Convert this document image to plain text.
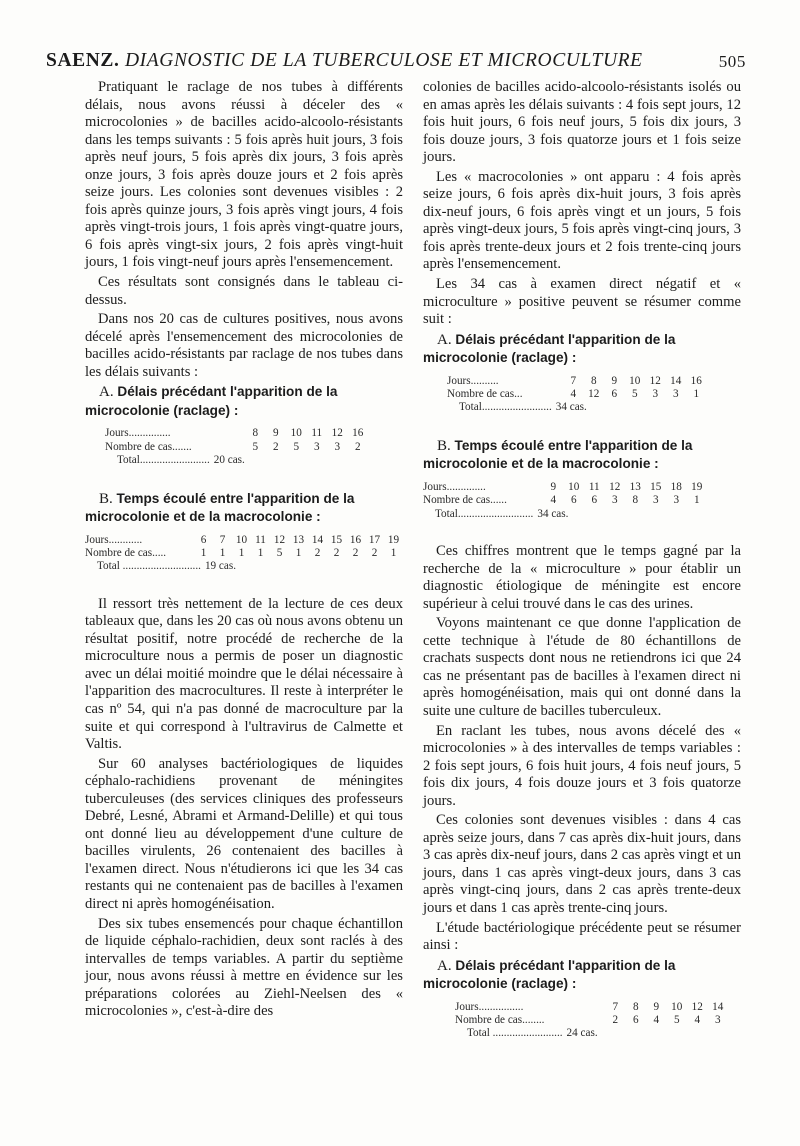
SAENZ. DIAGNOSTIC DE LA TUBERCULOSE ET MICROCULTURE	505

Pratiquant le raclage de nos tubes à différents délais, nous avons réussi à déceler des « microcolonies » de bacilles acido-alcoolo-résistants dans les temps suivants : 5 fois après huit jours, 3 fois après neuf jours, 5 fois après dix jours, 3 fois après onze jours, 3 fois après douze jours et 2 fois après seize jours. Les colonies sont devenues visibles : 2 fois après quinze jours, 3 fois après vingt jours, 4 fois après vingt-trois jours, 1 fois après vingt-quatre jours, 6 fois après vingt-six jours, 2 fois après vingt-huit jours, 1 fois vingt-neuf jours après l'ensemencement.

Ces résultats sont consignés dans le tableau ci-dessus.

Dans nos 20 cas de cultures positives, nous avons décelé après l'ensemencement des microcolonies de bacilles acido-résistants par raclage de nos tubes dans les délais suivants :

A. Délais précédant l'apparition de la microcolonie (raclage) :
Jours...............	8	9	10 11 12 16
Nombre de cas.......	5	2	5	3	3	2
Total......................... 20 cas.
B. Temps écoulé entre l'apparition de la microcolonie et de la macrocolonie :
Jours............	6	7 10 11 12 13 14 15 16 17 19
Nombre de cas.....	1	1	1	1	5	1	2	2	2	2	1
Total ............................ 19 cas.

Il ressort très nettement de la lecture de ces deux tableaux que, dans les 20 cas où nous avons obtenu un résultat positif, notre procédé de recherche de la microculture nous a permis de poser un diagnostic avec un délai moitié moindre que le délai nécessaire à l'apparition des macrocultures. Il reste à interpréter le cas nº 54, qui n'a pas donné de macroculture par la suite et qui correspond à l'ultravirus de Calmette et Valtis.

Sur 60 analyses bactériologiques de liquides céphalo-rachidiens provenant de méningites tuberculeuses (des services cliniques des professeurs Debré, Lesné, Abrami et Armand-Delille) et qui tous ont donné lieu au développement d'une culture de bacilles virulents, 26 contenaient des bacilles à l'examen direct. Nous n'étudierons ici que les 34 cas restants qui ne contenaient pas de bacilles à l'examen direct ni après homogénéisation.

Des six tubes ensemencés pour chaque échantillon de liquide céphalo-rachidien, deux sont raclés à des intervalles de temps variables. A partir du septième jour, nous avons réussi à mettre en évidence sur les préparations colorées au Ziehl-Neelsen des « microcolonies », c'est-à-dire des

colonies de bacilles acido-alcoolo-résistants isolés ou en amas après les délais suivants : 4 fois sept jours, 12 fois huit jours, 6 fois neuf jours, 5 fois dix jours, 3 fois douze jours, 3 fois quatorze jours et 1 fois seize jours.

Les « macrocolonies » ont apparu : 4 fois après seize jours, 6 fois après dix-huit jours, 3 fois après dix-neuf jours, 6 fois après vingt et un jours, 5 fois après vingt-deux jours, 5 fois après vingt-cinq jours, 3 fois après trente-deux jours et 2 fois trente-cinq jours après l'ensemencement.

Les 34 cas à examen direct négatif et « microculture » positive peuvent se résumer comme suit :

A. Délais précédant l'apparition de la microcolonie (raclage) :
Jours..........	7	8	9	10 12 14 16
Nombre de cas...	4	12	6	5	3	3	1
Total......................... 34 cas.
B. Temps écoulé entre l'apparition de la microcolonie et de la macrocolonie :
Jours..............	9	10 11 12 13 15 18 19
Nombre de cas......	4	6	6	3	8	3	3	1
Total........................... 34 cas.

Ces chiffres montrent que le temps gagné par la recherche de la « microculture » pour établir un diagnostic étiologique de méningite est encore supérieur à celui trouvé dans le cas des urines.

Voyons maintenant ce que donne l'application de cette technique à l'étude de 80 échantillons de crachats suspects dont nous ne retiendrons ici que 24 cas ne présentant pas de bacilles à l'examen direct ni après homogénéisation, mais qui ont donné dans la suite une culture de bacilles tuberculeux.

En raclant les tubes, nous avons décelé des « microcolonies » à des intervalles de temps variables : 2 fois sept jours, 6 fois huit jours, 4 fois neuf jours, 5 fois dix jours, 4 fois douze jours et 3 fois quatorze jours.

Ces colonies sont devenues visibles : dans 4 cas après seize jours, dans 7 cas après dix-huit jours, dans 3 cas après dix-neuf jours, dans 2 cas après vingt et un jours, dans 1 cas après vingt-deux jours, dans 3 cas après vingt-cinq jours, dans 2 cas après trente-deux jours et dans 1 cas après trente-cinq jours.

L'étude bactériologique précédente peut se résumer ainsi :

A. Délais précédant l'apparition de la microcolonie (raclage) :
Jours................	7	8	9	10 12 14
Nombre de cas........	2	6	4	5	4	3
Total ......................... 24 cas.
